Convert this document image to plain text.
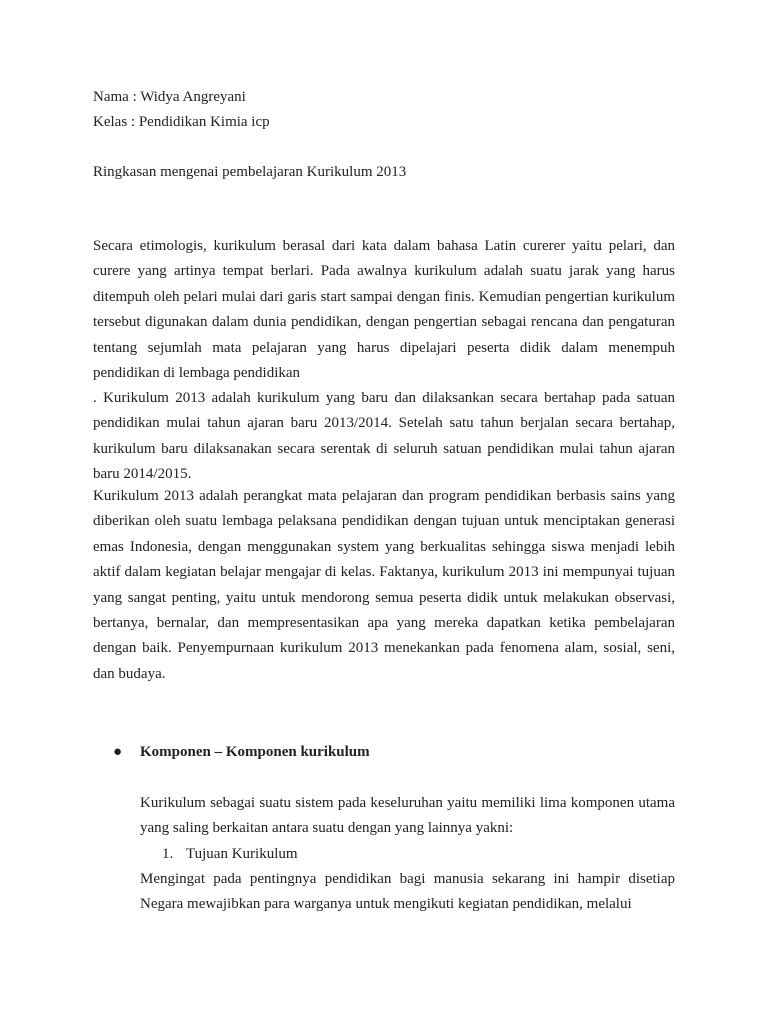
Nama : Widya Angreyani
Kelas : Pendidikan Kimia icp
Ringkasan mengenai pembelajaran Kurikulum 2013

Secara etimologis, kurikulum berasal dari kata dalam bahasa Latin curerer yaitu pelari, dan curere yang artinya tempat berlari. Pada awalnya kurikulum adalah suatu jarak yang harus ditempuh oleh pelari mulai dari garis start sampai dengan finis. Kemudian pengertian kurikulum tersebut digunakan dalam dunia pendidikan, dengan pengertian sebagai rencana dan pengaturan tentang sejumlah mata pelajaran yang harus dipelajari peserta didik dalam menempuh pendidikan di lembaga pendidikan

. Kurikulum 2013 adalah kurikulum yang baru dan dilaksankan secara bertahap pada satuan pendidikan mulai tahun ajaran baru 2013/2014. Setelah satu tahun berjalan secara bertahap, kurikulum baru dilaksanakan secara serentak di seluruh satuan pendidikan mulai tahun ajaran baru 2014/2015.

Kurikulum 2013 adalah perangkat mata pelajaran dan program pendidikan berbasis sains yang diberikan oleh suatu lembaga pelaksana pendidikan dengan tujuan untuk menciptakan generasi emas Indonesia, dengan menggunakan system yang berkualitas sehingga siswa menjadi lebih aktif dalam kegiatan belajar mengajar di kelas. Faktanya, kurikulum 2013 ini mempunyai tujuan yang sangat penting, yaitu untuk mendorong semua peserta didik untuk melakukan observasi, bertanya, bernalar, dan mempresentasikan apa yang mereka dapatkan ketika pembelajaran dengan baik. Penyempurnaan kurikulum 2013 menekankan pada fenomena alam, sosial, seni, dan budaya.

● Komponen – Komponen kurikulum

Kurikulum sebagai suatu sistem pada keseluruhan yaitu memiliki lima komponen utama yang saling berkaitan antara suatu dengan yang lainnya yakni:

1. Tujuan Kurikulum

Mengingat pada pentingnya pendidikan bagi manusia sekarang ini hampir disetiap Negara mewajibkan para warganya untuk mengikuti kegiatan pendidikan, melalui
